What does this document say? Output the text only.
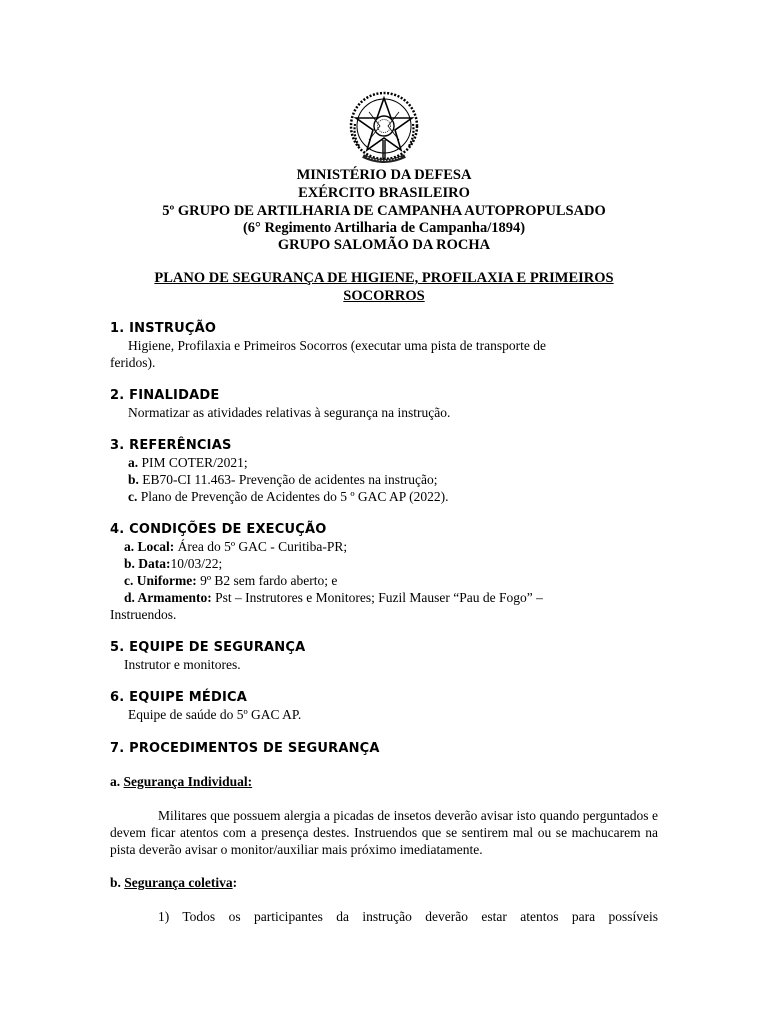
MINISTÉRIO DA DEFESA
EXÉRCITO BRASILEIRO
5º GRUPO DE ARTILHARIA DE CAMPANHA AUTOPROPULSADO
(6° Regimento Artilharia de Campanha/1894)
GRUPO SALOMÃO DA ROCHA
PLANO DE SEGURANÇA DE HIGIENE, PROFILAXIA E PRIMEIROS
SOCORROS
1. INSTRUÇÃO
Higiene, Profilaxia e Primeiros Socorros (executar uma pista de transporte de
feridos).
2. FINALIDADE
Normatizar as atividades relativas à segurança na instrução.
3. REFERÊNCIAS
a. PIM COTER/2021;
b. EB70-CI 11.463- Prevenção de acidentes na instrução;
c. Plano de Prevenção de Acidentes do 5 º GAC AP (2022).
4. CONDIÇÕES DE EXECUÇÃO
a. Local: Área do 5º GAC - Curitiba-PR;
b. Data:10/03/22;
c. Uniforme: 9º B2 sem fardo aberto; e
d. Armamento: Pst – Instrutores e Monitores; Fuzil Mauser “Pau de Fogo” –
Instruendos.
5. EQUIPE DE SEGURANÇA
Instrutor e monitores.
6. EQUIPE MÉDICA
Equipe de saúde do 5º GAC AP.
7. PROCEDIMENTOS DE SEGURANÇA
a. Segurança Individual:

Militares que possuem alergia a picadas de insetos deverão avisar isto quando perguntados e devem ficar atentos com a presença destes. Instruendos que se sentirem mal ou se machucarem na pista deverão avisar o monitor/auxiliar mais próximo imediatamente.

b. Segurança coletiva:

1) Todos os participantes da instrução deverão estar atentos para possíveis
